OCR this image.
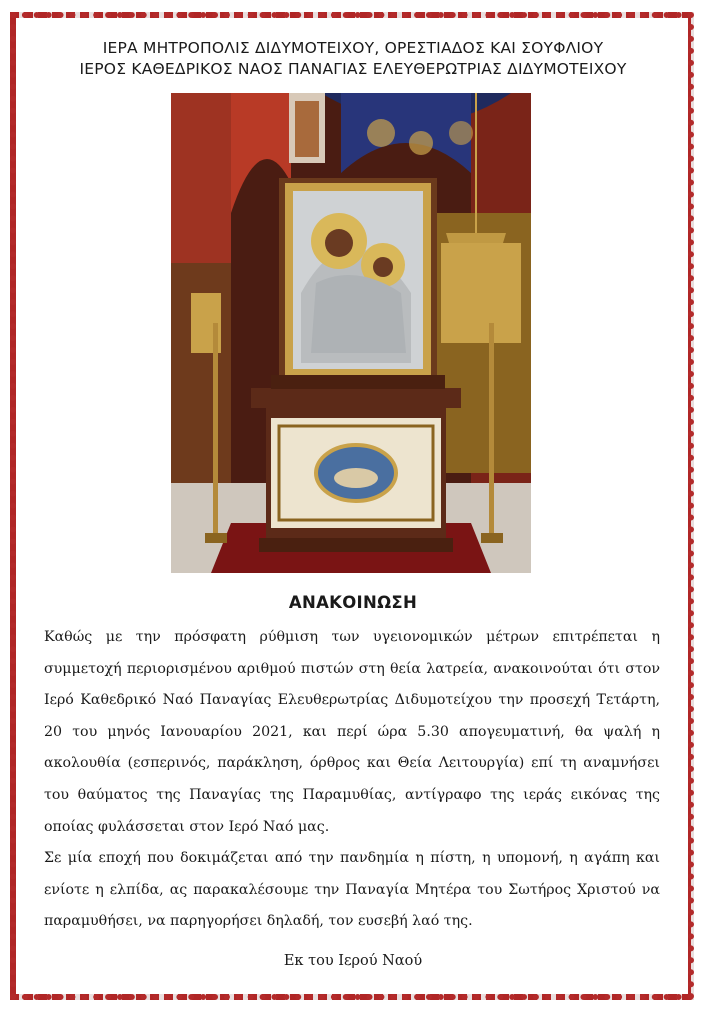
ΙΕΡΑ ΜΗΤΡΟΠΟΛΙΣ ΔΙΔΥΜΟΤΕΙΧΟΥ, ΟΡΕΣΤΙΑΔΟΣ ΚΑΙ ΣΟΥΦΛΙΟΥ
ΙΕΡΟΣ ΚΑΘΕΔΡΙΚΟΣ ΝΑΟΣ ΠΑΝΑΓΙΑΣ ΕΛΕΥΘΕΡΩΤΡΙΑΣ ΔΙΔΥΜΟΤΕΙΧΟΥ
ΑΝΑΚΟΙΝΩΣΗ

Καθώς με την πρόσφατη ρύθμιση των υγειονομικών μέτρων επιτρέπεται η συμμετοχή περιορισμένου αριθμού πιστών στη θεία λατρεία, ανακοινούται ότι στον Ιερό Καθεδρικό Ναό Παναγίας Ελευθερωτρίας Διδυμοτείχου την προσεχή Τετάρτη, 20 του μηνός Ιανουαρίου 2021, και περί ώρα 5.30 απογευματινή, θα ψαλή η ακολουθία (εσπερινός, παράκληση, όρθρος και Θεία Λειτουργία) επί τη αναμνήσει του θαύματος της Παναγίας της Παραμυθίας, αντίγραφο της ιεράς εικόνας της οποίας φυλάσσεται στον Ιερό Ναό μας.

Σε μία εποχή που δοκιμάζεται από την πανδημία η πίστη, η υπομονή, η αγάπη και ενίοτε η ελπίδα, ας παρακαλέσουμε την Παναγία Μητέρα του Σωτήρος Χριστού να παραμυθήσει, να παρηγορήσει δηλαδή, τον ευσεβή λαό της.

Εκ του Ιερού Ναού
